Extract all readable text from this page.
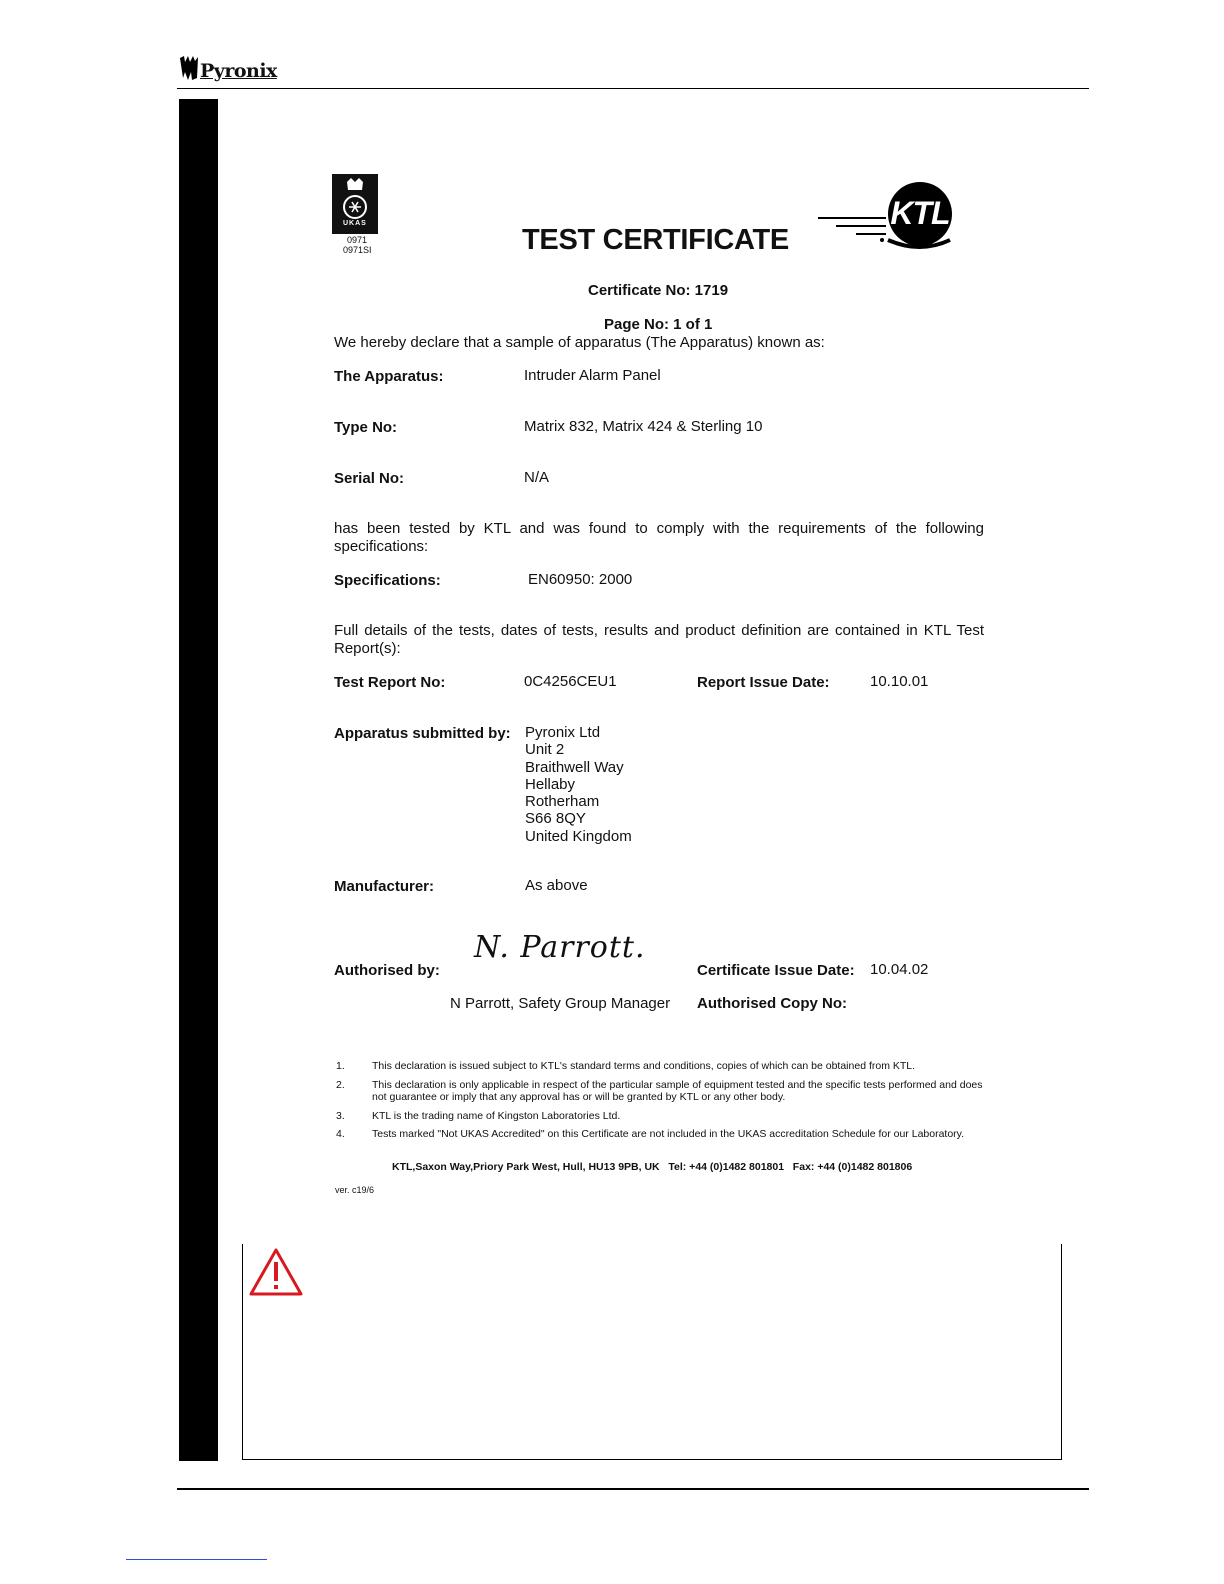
Pyronix
UKAS
0971
0971SI	TEST CERTIFICATE
KTL
Certificate No: 1719
Page No: 1 of 1
We hereby declare that a sample of apparatus (The Apparatus) known as:
The Apparatus:	Intruder Alarm Panel
Type No:	Matrix 832, Matrix 424 & Sterling 10
Serial No:	N/A
has been tested by KTL and was found to comply with the requirements of the following specifications:
Specifications:	EN60950: 2000
Full details of the tests, dates of tests, results and product definition are contained in KTL Test Report(s):
Test Report No:	0C4256CEU1	Report Issue Date:	10.10.01
Apparatus submitted by: Pyronix Ltd
Unit 2
Braithwell Way
Hellaby
Rotherham
S66 8QY
United Kingdom
Manufacturer:	As above
Authorised by:
N. Parrott.
N Parrott, Safety Group Manager
Certificate Issue Date: 10.04.02
Authorised Copy No:
1.	This declaration is issued subject to KTL's standard terms and conditions, copies of which can be obtained from KTL.
2.	This declaration is only applicable in respect of the particular sample of equipment tested and the specific tests performed and does not guarantee or imply that any approval has or will be granted by KTL or any other body.
3.	KTL is the trading name of Kingston Laboratories Ltd.
4.	Tests marked "Not UKAS Accredited" on this Certificate are not included in the UKAS accreditation Schedule for our Laboratory.
KTL,Saxon Way,Priory Park West, Hull, HU13 9PB, UK   Tel: +44 (0)1482 801801   Fax: +44 (0)1482 801806
ver. c19/6
